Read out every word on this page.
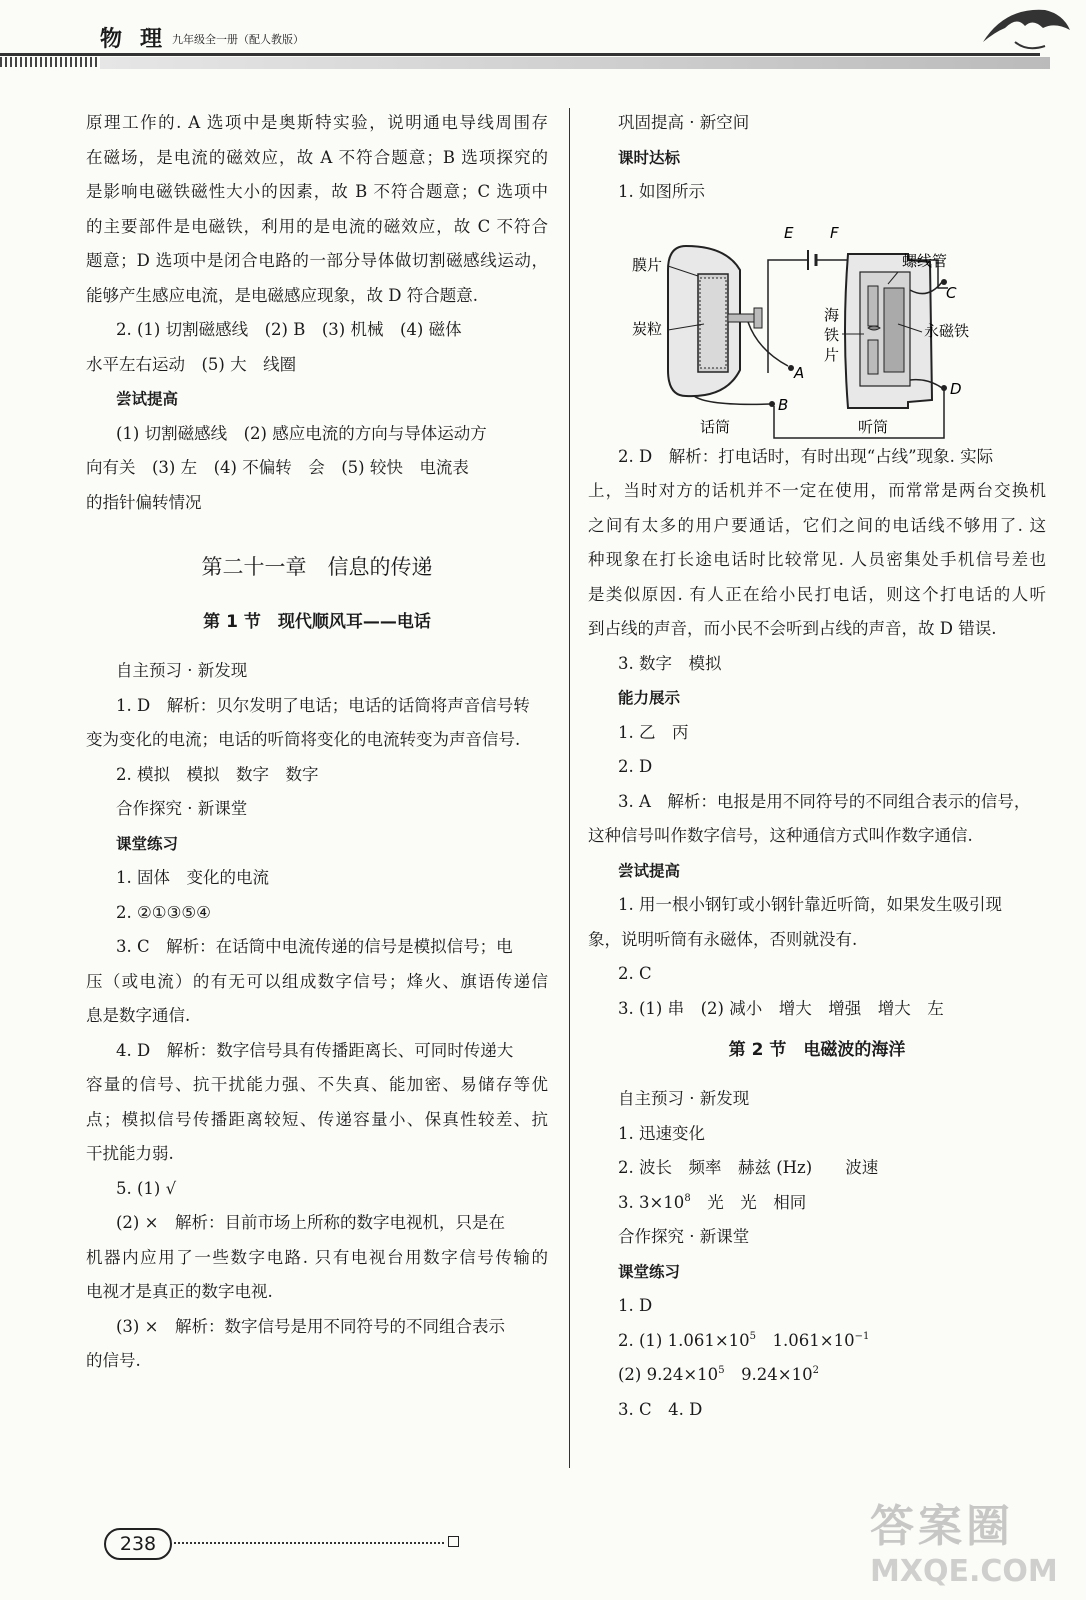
物理
九年级全一册（配人教版）
原理工作的. A 选项中是奥斯特实验，说明通电导线周围存
在磁场，是电流的磁效应，故 A 不符合题意；B 选项探究的
是影响电磁铁磁性大小的因素，故 B 不符合题意；C 选项中
的主要部件是电磁铁，利用的是电流的磁效应，故 C 不符合
题意；D 选项中是闭合电路的一部分导体做切割磁感线运动，
能够产生感应电流，是电磁感应现象，故 D 符合题意.
2. (1) 切割磁感线　(2) B　(3) 机械　(4) 磁体
水平左右运动　(5) 大　线圈
尝试提高
(1) 切割磁感线　(2) 感应电流的方向与导体运动方
向有关　(3) 左　(4) 不偏转　会　(5) 较快　电流表
的指针偏转情况
第二十一章　信息的传递
第 1 节　现代顺风耳——电话
自主预习 · 新发现
1. D　解析：贝尔发明了电话；电话的话筒将声音信号转
变为变化的电流；电话的听筒将变化的电流转变为声音信号.
2. 模拟　模拟　数字　数字
合作探究 · 新课堂
课堂练习
1. 固体　变化的电流
2. ②①③⑤④
3. C　解析：在话筒中电流传递的信号是模拟信号；电
压（或电流）的有无可以组成数字信号；烽火、旗语传递信
息是数字通信.
4. D　解析：数字信号具有传播距离长、可同时传递大
容量的信号、抗干扰能力强、不失真、能加密、易储存等优
点；模拟信号传播距离较短、传递容量小、保真性较差、抗
干扰能力弱.
5. (1) √
(2) ×　解析：目前市场上所称的数字电视机，只是在
机器内应用了一些数字电路. 只有电视台用数字信号传输的
电视才是真正的数字电视.
(3) ×　解析：数字信号是用不同符号的不同组合表示
的信号.
巩固提高 · 新空间
课时达标
1. 如图所示
E F
膜片
炭粒
A
螺线管
海
铁
片
永磁铁
C
D
B
话筒	听筒
2. D　解析：打电话时，有时出现“占线”现象. 实际
上，当时对方的话机并不一定在使用，而常常是两台交换机
之间有太多的用户要通话，它们之间的电话线不够用了. 这
种现象在打长途电话时比较常见. 人员密集处手机信号差也
是类似原因. 有人正在给小民打电话，则这个打电话的人听
到占线的声音，而小民不会听到占线的声音，故 D 错误.
3. 数字　模拟
能力展示
1. 乙　丙
2. D
3. A　解析：电报是用不同符号的不同组合表示的信号，
这种信号叫作数字信号，这种通信方式叫作数字通信.
尝试提高
1. 用一根小钢钉或小钢针靠近听筒，如果发生吸引现
象，说明听筒有永磁体，否则就没有.
2. C
3. (1) 串　(2) 减小　增大　增强　增大　左
第 2 节　电磁波的海洋
自主预习 · 新发现
1. 迅速变化
2. 波长　频率　赫兹 (Hz)　　波速
3. $3\times 10^8$　光　光　相同
合作探究 · 新课堂
课堂练习
1. D
2. (1) $1.061\times 10^5$　$1.061\times 10^{-1}$
(2) $9.24\times 10^5$　$9.24\times 10^2$
3. C　4. D
238	答案圈
MXQE.COM
